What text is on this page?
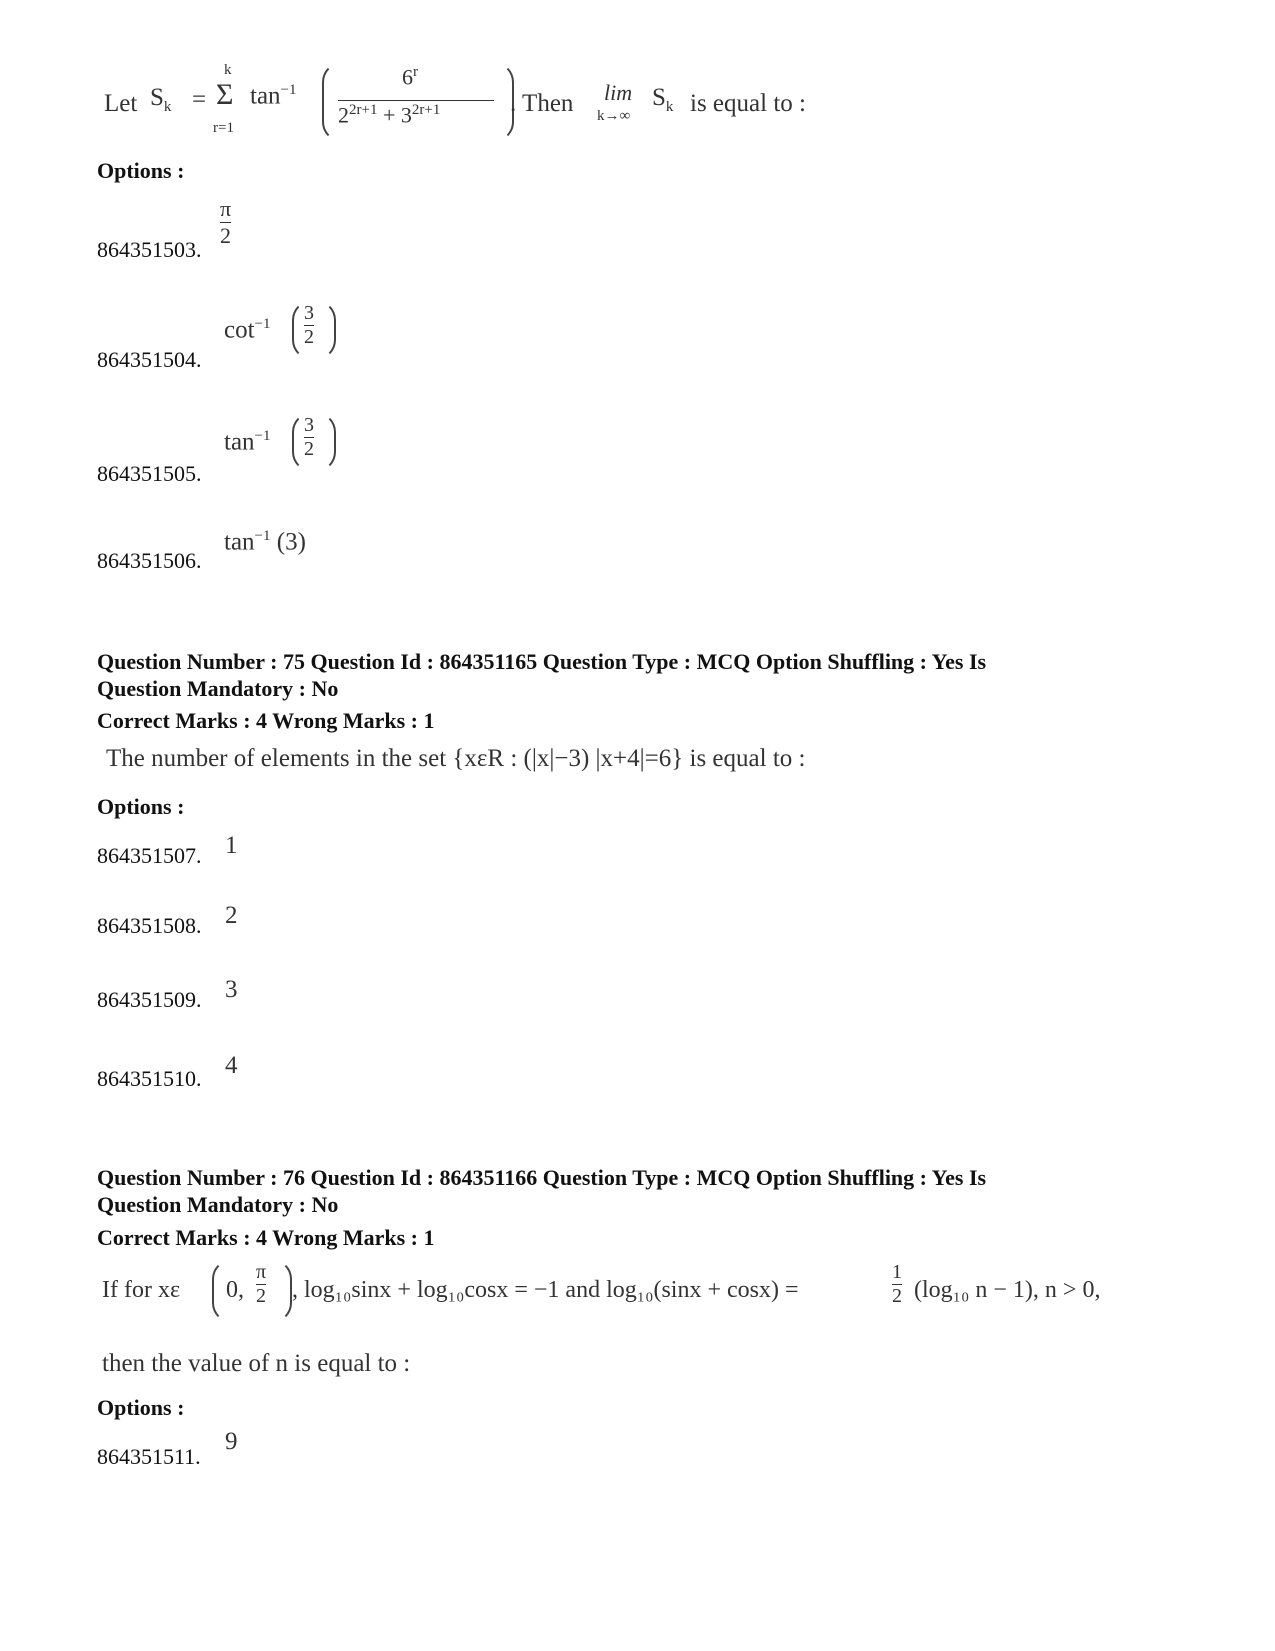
Let $S_k$ =
k
Σ
r=1
$\tan^{-1}$
6$^r$
$2^{2r+1} + 3^{2r+1}$	. Then lim
k→∞
$S_k$ is equal to :
Options :
864351503.
$\frac{\pi}{2}$
864351504.
$\cot^{-1} \frac{3}{2}$
864351505.
$\tan^{-1} \frac{3}{2}$
864351506.
$\tan^{-1} (3)$
Question Number : 75 Question Id : 864351165 Question Type : MCQ Option Shuffling : Yes Is
Question Mandatory : No
Correct Marks : 4 Wrong Marks : 1
The number of elements in the set {xεR : (|x|−3) |x+4|=6} is equal to :
Options :
864351507. 1
864351508. 2
864351509. 3
864351510. 4
Question Number : 76 Question Id : 864351166 Question Type : MCQ Option Shuffling : Yes Is
Question Mandatory : No
Correct Marks : 4 Wrong Marks : 1
If for xε 0, $\frac{\pi}{2}$ , log₁₀sinx + log₁₀cosx = −1 and log₁₀(sinx + cosx) =	$\frac{1}{2} (\log_{10}$ n − 1), n > 0,
then the value of n is equal to :
Options :
864351511.
9
